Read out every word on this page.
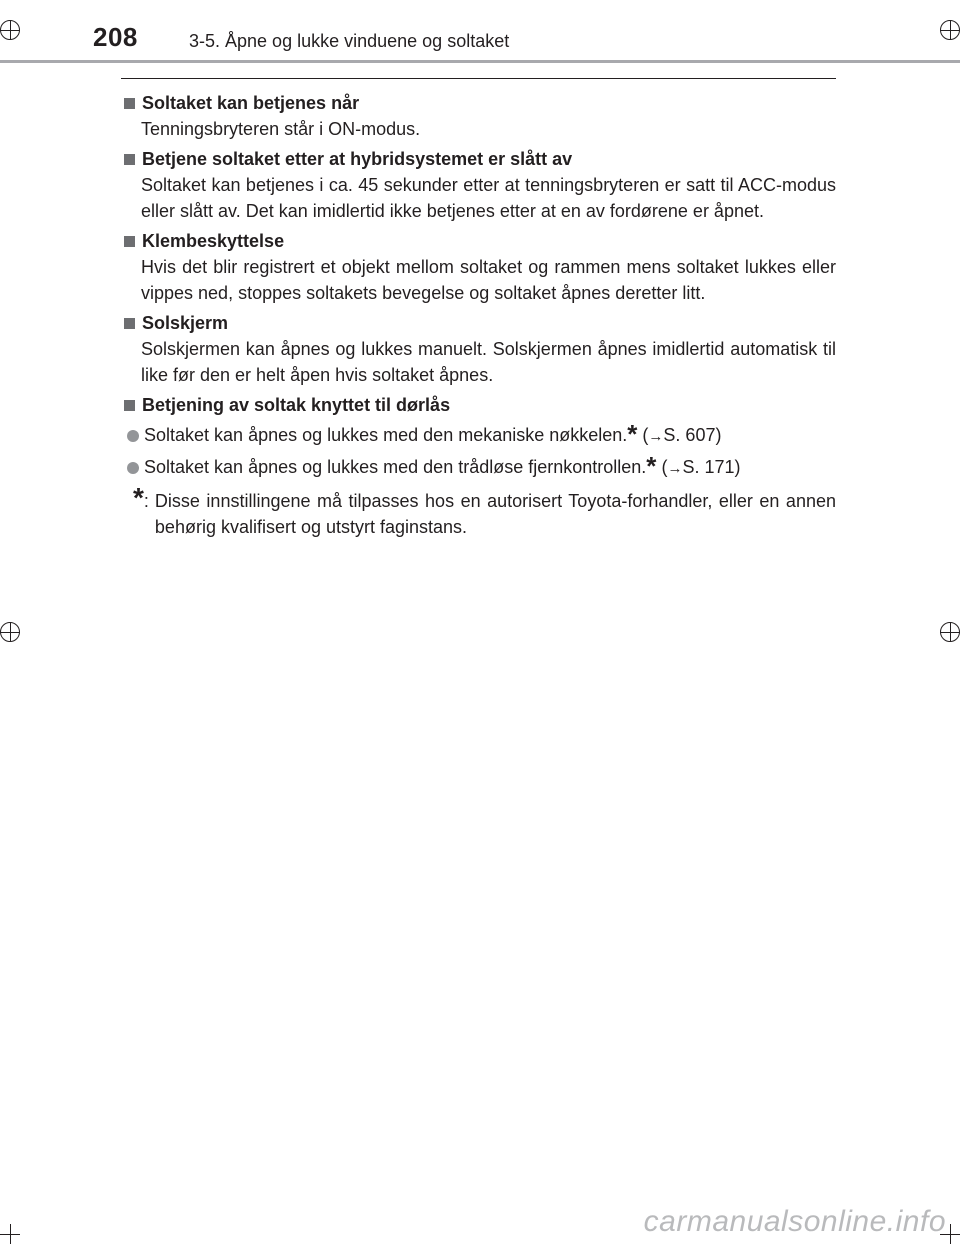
208	3-5. Åpne og lukke vinduene og soltaket
Soltaket kan betjenes når
Tenningsbryteren står i ON-modus.
Betjene soltaket etter at hybridsystemet er slått av
Soltaket kan betjenes i ca. 45 sekunder etter at tenningsbryteren er satt til ACC-modus eller slått av. Det kan imidlertid ikke betjenes etter at en av fordørene er åpnet.
Klembeskyttelse
Hvis det blir registrert et objekt mellom soltaket og rammen mens soltaket lukkes eller vippes ned, stoppes soltakets bevegelse og soltaket åpnes deretter litt.
Solskjerm
Solskjermen kan åpnes og lukkes manuelt. Solskjermen åpnes imidlertid automatisk til like før den er helt åpen hvis soltaket åpnes.
Betjening av soltak knyttet til dørlås
Soltaket kan åpnes og lukkes med den mekaniske nøkkelen.* (→S. 607)
Soltaket kan åpnes og lukkes med den trådløse fjernkontrollen.* (→S. 171)
* : Disse innstillingene må tilpasses hos en autorisert Toyota-forhandler, eller en annen behørig kvalifisert og utstyrt faginstans.
carmanualsonline.info
